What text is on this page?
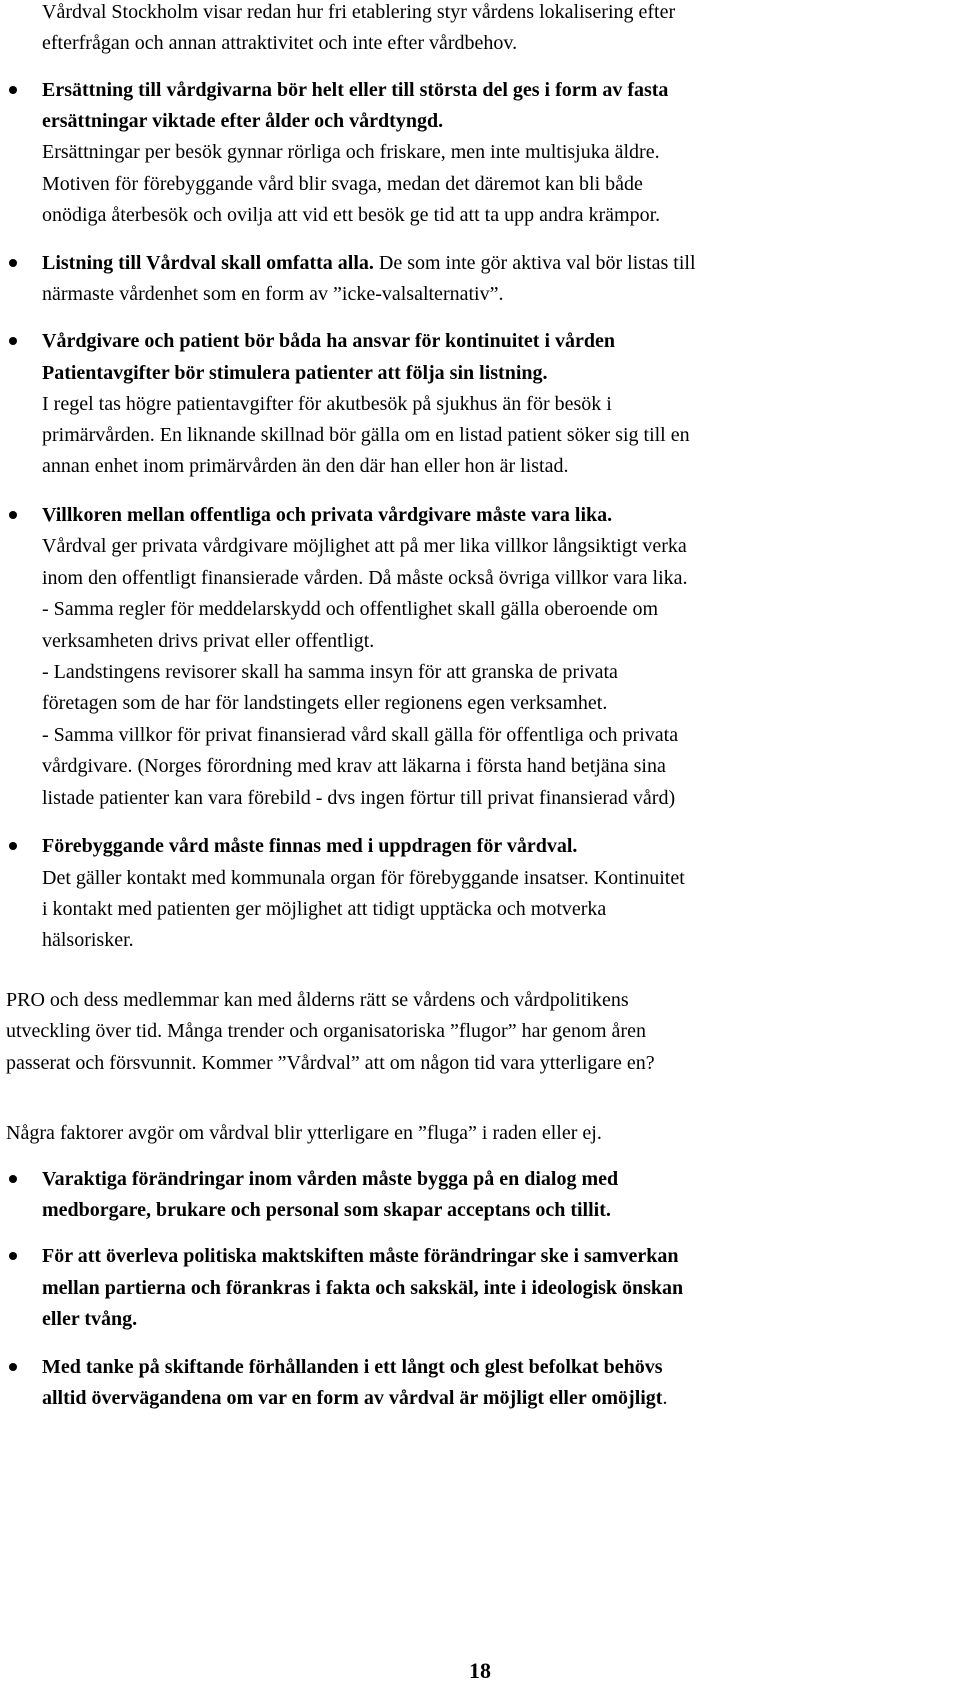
Vårdval Stockholm visar redan hur fri etablering styr vårdens lokalisering efter

efterfrågan och annan attraktivitet och inte efter vårdbehov.

Ersättning till vårdgivarna bör helt eller till största del ges i form av fasta

ersättningar viktade efter ålder och vårdtyngd.

Ersättningar per besök gynnar rörliga och friskare, men inte multisjuka äldre.

Motiven för förebyggande vård blir svaga, medan det däremot kan bli både

onödiga återbesök och ovilja att vid ett besök ge tid att ta upp andra krämpor.

Listning till Vårdval skall omfatta alla. De som inte gör aktiva val bör listas till

närmaste vårdenhet som en form av ”icke-valsalternativ”.

Vårdgivare och patient bör båda ha ansvar för kontinuitet i vården

Patientavgifter bör stimulera patienter att följa sin listning.

I regel tas högre patientavgifter för akutbesök på sjukhus än för besök i

primärvården. En liknande skillnad bör gälla om en listad patient söker sig till en

annan enhet inom primärvården än den där han eller hon är listad.

Villkoren mellan offentliga och privata vårdgivare måste vara lika.

Vårdval ger privata vårdgivare möjlighet att på mer lika villkor långsiktigt verka

inom den offentligt finansierade vården. Då måste också övriga villkor vara lika.

- Samma regler för meddelarskydd och offentlighet skall gälla oberoende om

verksamheten drivs privat eller offentligt.

- Landstingens revisorer skall ha samma insyn för att granska de privata

företagen som de har för landstingets eller regionens egen verksamhet.

- Samma villkor för privat finansierad vård skall gälla för offentliga och privata

vårdgivare. (Norges förordning med krav att läkarna i första hand betjäna sina

listade patienter kan vara förebild - dvs ingen förtur till privat finansierad vård)

Förebyggande vård måste finnas med i uppdragen för vårdval.

Det gäller kontakt med kommunala organ för förebyggande insatser. Kontinuitet

i kontakt med patienten ger möjlighet att tidigt upptäcka och motverka

hälsorisker.

PRO och dess medlemmar kan med ålderns rätt se vårdens och vårdpolitikens

utveckling över tid. Många trender och organisatoriska ”flugor” har genom åren

passerat och försvunnit. Kommer ”Vårdval” att om någon tid vara ytterligare en?

Några faktorer avgör om vårdval blir ytterligare en ”fluga” i raden eller ej.

Varaktiga förändringar inom vården måste bygga på en dialog med

medborgare, brukare och personal som skapar acceptans och tillit.

För att överleva politiska maktskiften måste förändringar ske i samverkan

mellan partierna och förankras i fakta och sakskäl, inte i ideologisk önskan

eller tvång.

Med tanke på skiftande förhållanden i ett långt och glest befolkat behövs

alltid övervägandena om var en form av vårdval är möjligt eller omöjligt.

18
